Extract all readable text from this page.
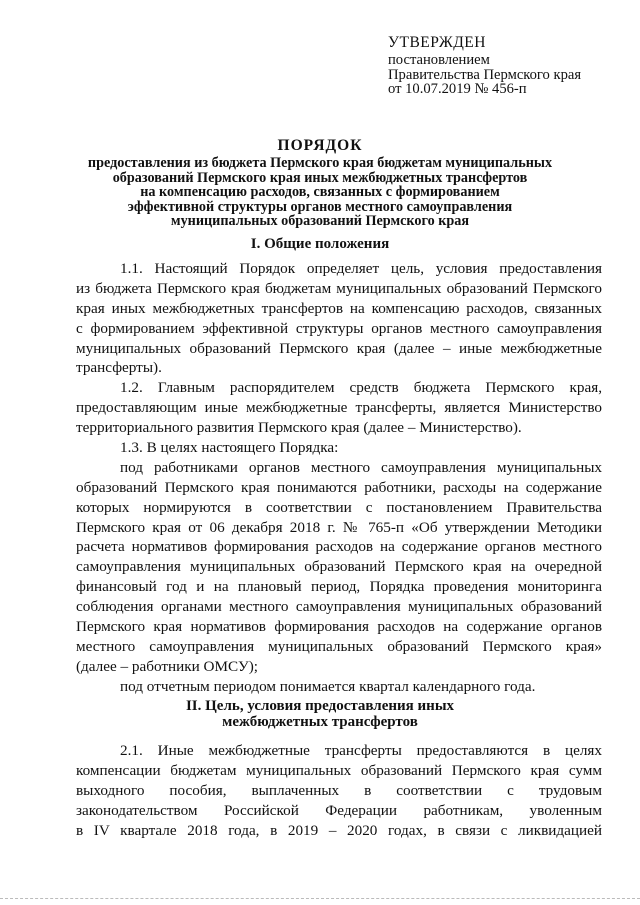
УТВЕРЖДЕН
постановлением
Правительства Пермского края
от 10.07.2019 № 456-п
ПОРЯДОК
предоставления из бюджета Пермского края бюджетам муниципальных
образований Пермского края иных межбюджетных трансфертов
на компенсацию расходов, связанных с формированием
эффективной структуры органов местного самоуправления
муниципальных образований Пермского края
I. Общие положения
1.1. Настоящий Порядок определяет цель, условия предоставления
из бюджета Пермского края бюджетам муниципальных образований Пермского
края иных межбюджетных трансфертов на компенсацию расходов, связанных
с формированием эффективной структуры органов местного самоуправления
муниципальных образований Пермского края (далее – иные межбюджетные
трансферты).
1.2. Главным распорядителем средств бюджета Пермского края,
предоставляющим иные межбюджетные трансферты, является Министерство
территориального развития Пермского края (далее – Министерство).
1.3. В целях настоящего Порядка:
под работниками органов местного самоуправления муниципальных
образований Пермского края понимаются работники, расходы на содержание
которых нормируются в соответствии с постановлением Правительства
Пермского края от 06 декабря 2018 г. № 765-п «Об утверждении Методики
расчета нормативов формирования расходов на содержание органов местного
самоуправления муниципальных образований Пермского края на очередной
финансовый год и на плановый период, Порядка проведения мониторинга
соблюдения органами местного самоуправления муниципальных образований
Пермского края нормативов формирования расходов на содержание органов
местного самоуправления муниципальных образований Пермского края»
(далее – работники ОМСУ);
под отчетным периодом понимается квартал календарного года.
II. Цель, условия предоставления иных
межбюджетных трансфертов
2.1. Иные межбюджетные трансферты предоставляются в целях
компенсации бюджетам муниципальных образований Пермского края сумм
выходного пособия, выплаченных в соответствии с трудовым
законодательством Российской Федерации работникам, уволенным
в IV квартале 2018 года, в 2019 – 2020 годах, в связи с ликвидацией
